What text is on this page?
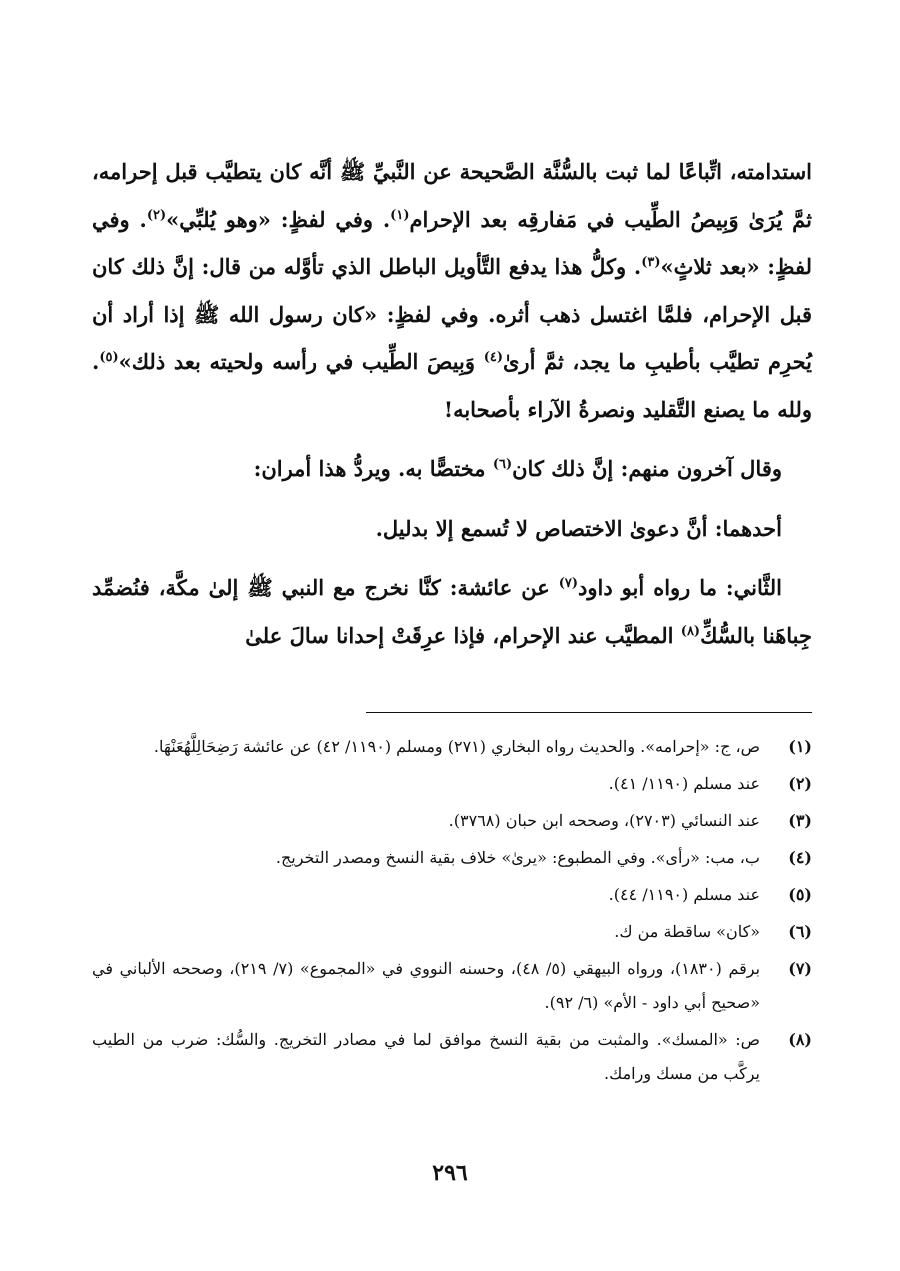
استدامته، اتِّباعًا لما ثبت بالسُّنَّة الصَّحيحة عن النَّبيِّ ﷺ أنَّه كان يتطيَّب قبل إحرامه، ثمَّ يُرَىٰ وَبِيصُ الطِّيب في مَفارقِه بعد الإحرام$^{(١)}$. وفي لفظٍ: «وهو يُلبِّي»$^{(٢)}$. وفي لفظٍ: «بعد ثلاثٍ»$^{(٣)}$. وكلُّ هذا يدفع التَّأويل الباطل الذي تأوَّله من قال: إنَّ ذلك كان قبل الإحرام، فلمَّا اغتسل ذهب أثره. وفي لفظٍ: «كان رسول الله ﷺ إذا أراد أن يُحرِم تطيَّب بأطيبِ ما يجد، ثمَّ أرىٰ$^{(٤)}$ وَبِيصَ الطِّيب في رأسه ولحيته بعد ذلك»$^{(٥)}$. ولله ما يصنع التَّقليد ونصرةُ الآراء بأصحابه!

وقال آخرون منهم: إنَّ ذلك كان$^{(٦)}$ مختصًّا به. ويردُّ هذا أمران:

أحدهما: أنَّ دعوىٰ الاختصاص لا تُسمع إلا بدليل.

الثَّاني: ما رواه أبو داود$^{(٧)}$ عن عائشة: كنَّا نخرج مع النبي ﷺ إلىٰ مكَّة، فنُضمِّد جِباهَنا بالسُّكِّ$^{(٨)}$ المطيَّب عند الإحرام، فإذا عرِقَتْ إحدانا سالَ علىٰ

(١)
ص، ج: «إحرامه». والحديث رواه البخاري (٢٧١) ومسلم (١١٩٠/ ٤٢) عن عائشة رَضِحَالِلَّهُعَنْهَا.
(٢)
عند مسلم (١١٩٠/ ٤١).
(٣)
عند النسائي (٢٧٠٣)، وصححه ابن حبان (٣٧٦٨).
(٤)
ب، مب: «رأى». وفي المطبوع: «يرىٰ» خلاف بقية النسخ ومصدر التخريج.
(٥)
عند مسلم (١١٩٠/ ٤٤).
(٦)
«كان» ساقطة من ك.
(٧)
برقم (١٨٣٠)، ورواه البيهقي (٥/ ٤٨)، وحسنه النووي في «المجموع» (٧/ ٢١٩)، وصححه الألباني في «صحيح أبي داود - الأم» (٦/ ٩٢).
(٨)
ص: «المسك». والمثبت من بقية النسخ موافق لما في مصادر التخريج. والسُّك: ضرب من الطيب يركَّب من مسك ورامك.
٢٩٦
